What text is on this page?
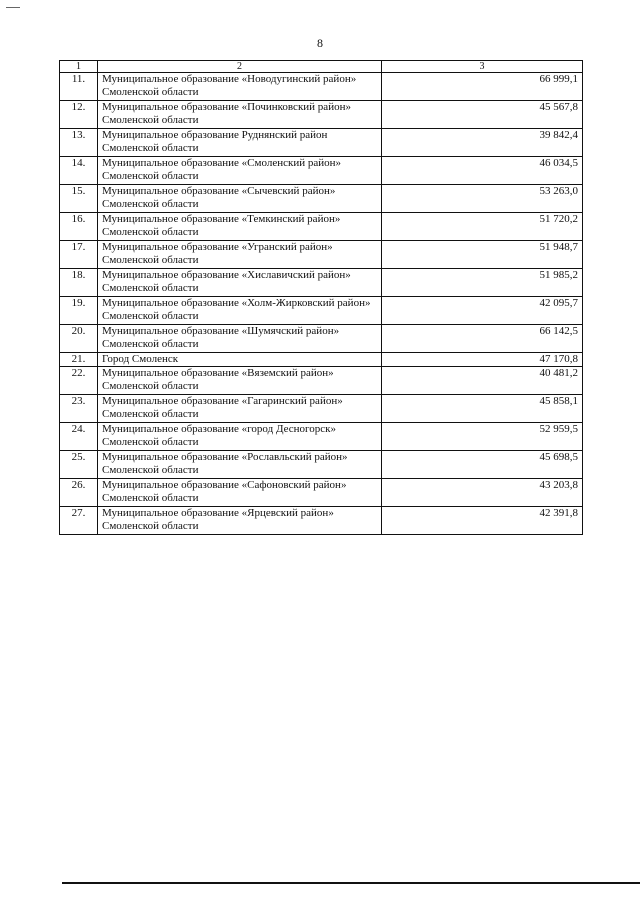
8
1	2	3
11.	Муниципальное образование «Новодугинский район» Смоленской области	66 999,1
12.	Муниципальное образование «Починковский район» Смоленской области	45 567,8
13.	Муниципальное образование Руднянский район Смоленской области	39 842,4
14.	Муниципальное образование «Смоленский район» Смоленской области	46 034,5
15.	Муниципальное образование «Сычевский район» Смоленской области	53 263,0
16.	Муниципальное образование «Темкинский район» Смоленской области	51 720,2
17.	Муниципальное образование «Угранский район» Смоленской области	51 948,7
18.	Муниципальное образование «Хиславичский район» Смоленской области	51 985,2
19.	Муниципальное образование «Холм-Жирковский район» Смоленской области	42 095,7
20.	Муниципальное образование «Шумячский район» Смоленской области	66 142,5
21.	Город Смоленск	47 170,8
22.	Муниципальное образование «Вяземский район» Смоленской области	40 481,2
23.	Муниципальное образование «Гагаринский район» Смоленской области	45 858,1
24.	Муниципальное образование «город Десногорск» Смоленской области	52 959,5
25.	Муниципальное образование «Рославльский район» Смоленской области	45 698,5
26.	Муниципальное образование «Сафоновский район» Смоленской области	43 203,8
27.	Муниципальное образование «Ярцевский район» Смоленской области	42 391,8
